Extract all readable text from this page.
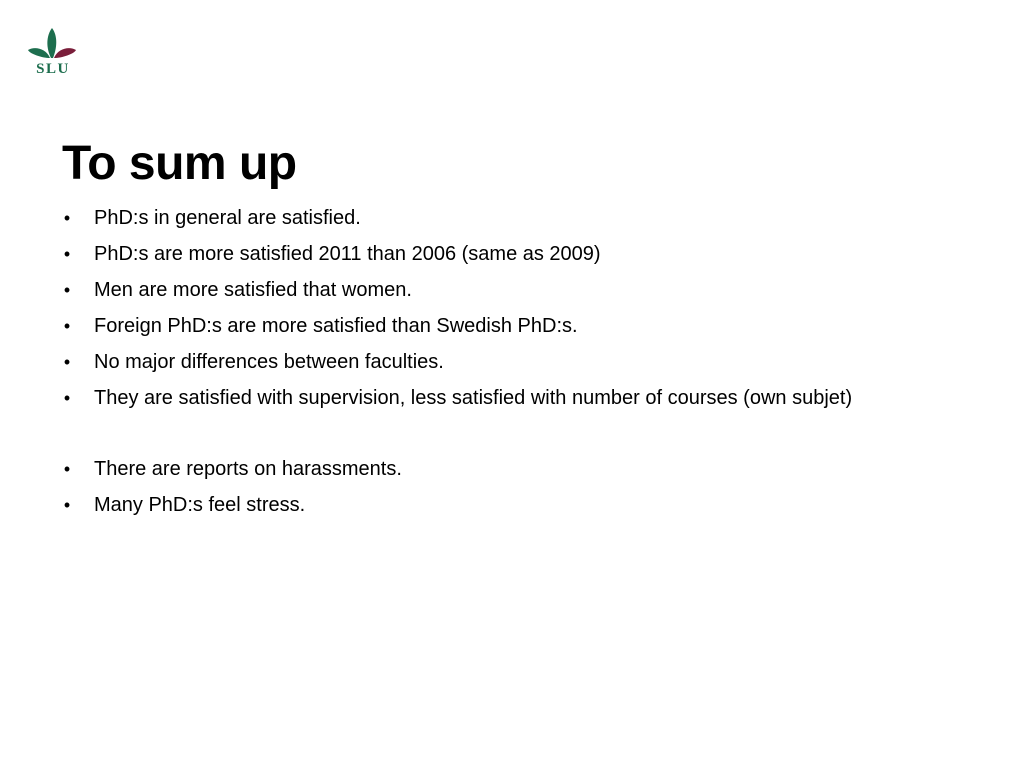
SLU
To sum up
• PhD:s in general are satisfied.
• PhD:s are more satisfied 2011 than 2006 (same as 2009)
• Men are more satisfied that women.
• Foreign PhD:s are more satisfied than Swedish PhD:s.
• No major differences between faculties.
• They are satisfied with supervision, less satisfied with number of courses (own subjet)
• There are reports on harassments.
• Many PhD:s feel stress.
